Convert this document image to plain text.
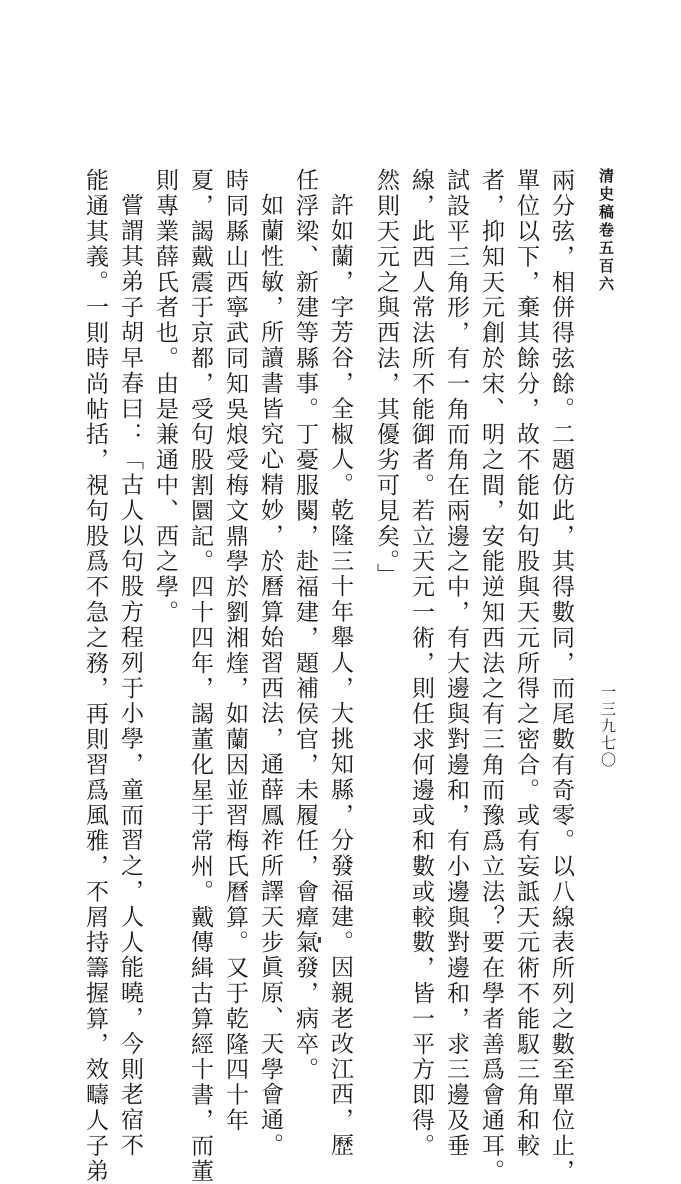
清史稿卷五百六
一三九七〇
兩分弦，相併得弦餘。二題仿此，其得數同，而尾數有奇零。以八線表所列之數至單位止，
單位以下，棄其餘分，故不能如句股與天元所得之密合。或有妄詆天元術不能馭三角和較
者，抑知天元創於宋、明之間，安能逆知西法之有三角而豫爲立法？要在學者善爲會通耳。
試設平三角形，有一角而角在兩邊之中，有大邊與對邊和，有小邊與對邊和，求三邊及垂
線，此西人常法所不能御者。若立天元一術，則任求何邊或和數或較數，皆一平方即得。
然則天元之與西法，其優劣可見矣。」
許如蘭，字芳谷，全椒人。乾隆三十年舉人，大挑知縣，分發福建。因親老改江西，歷
任浮梁、新建等縣事。丁憂服闋，赴福建，題補侯官，未履任，會瘴氣發，病卒。
如蘭性敏，所讀書皆究心精妙，於曆算始習西法，通薛鳳祚所譯天步眞原、天學會通。
時同縣山西寧武同知吳烺受梅文鼎學於劉湘煃，如蘭因並習梅氏曆算。又于乾隆四十年
夏，謁戴震于京都，受句股割圜記。四十四年，謁董化星于常州。戴傳緝古算經十書，而董
則專業薛氏者也。由是兼通中、西之學。
嘗謂其弟子胡早春曰：「古人以句股方程列于小學，童而習之，人人能曉，今則老宿不
能通其義。一則時尚帖括，視句股爲不急之務，再則習爲風雅，不屑持籌握算，效疇人子弟
